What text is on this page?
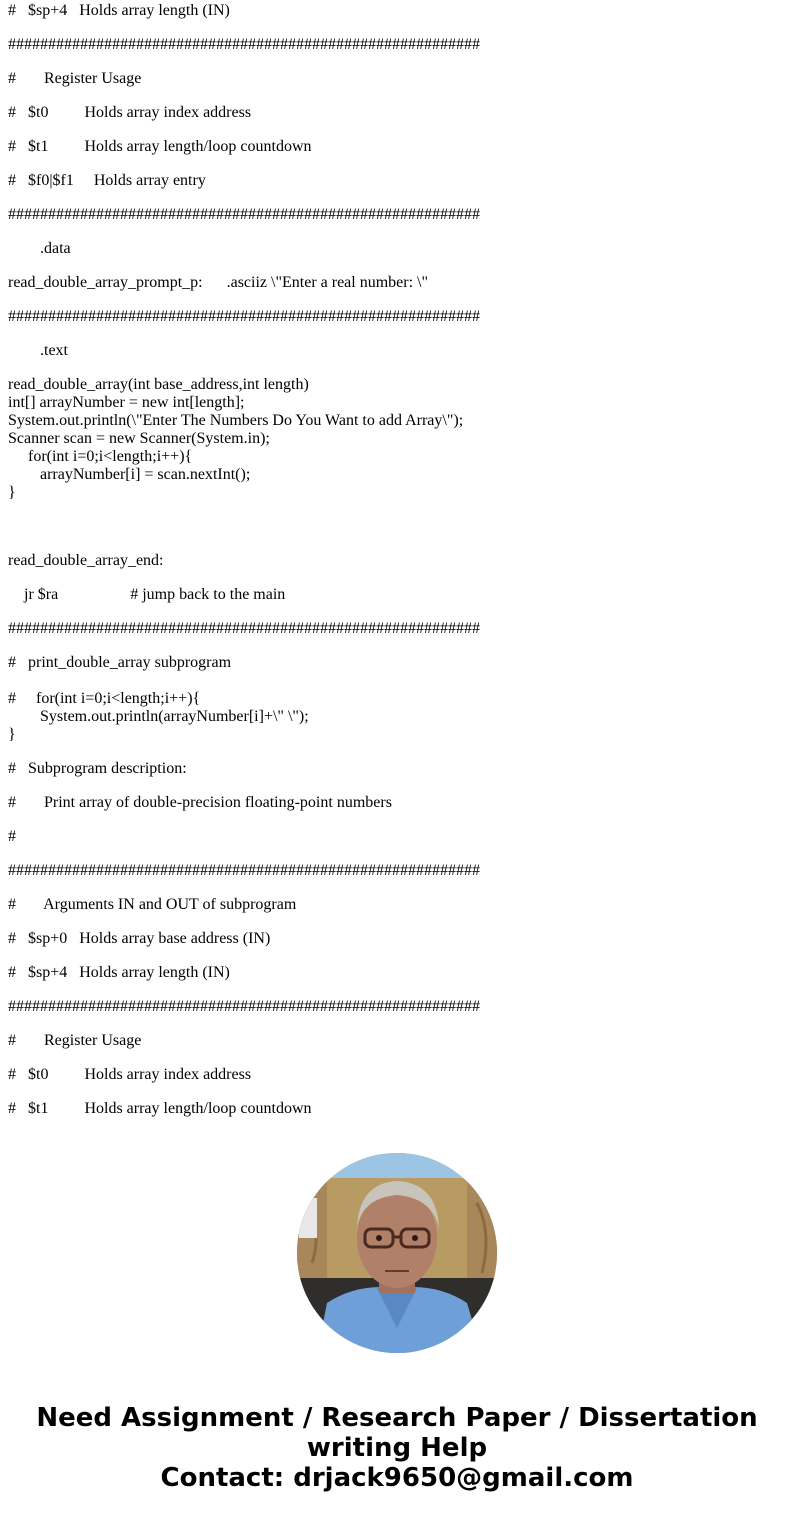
#   $sp+4   Holds array length (IN)
###########################################################
#       Register Usage
#   $t0         Holds array index address
#   $t1         Holds array length/loop countdown
#   $f0|$f1     Holds array entry
###########################################################
.data
read_double_array_prompt_p:      .asciiz \"Enter a real number: \"
###########################################################
.text
read_double_array(int base_address,int length)
int[] arrayNumber = new int[length];
System.out.println(\"Enter The Numbers Do You Want to add Array\");
Scanner scan = new Scanner(System.in);
for(int i=0;i<length;i++){
arrayNumber[i] = scan.nextInt();
}
read_double_array_end:
jr $ra                  # jump back to the main
###########################################################
#   print_double_array subprogram
#     for(int i=0;i<length;i++){
System.out.println(arrayNumber[i]+\" \");
}
#   Subprogram description:
#       Print array of double-precision floating-point numbers
#
###########################################################
#       Arguments IN and OUT of subprogram
#   $sp+0   Holds array base address (IN)
#   $sp+4   Holds array length (IN)
###########################################################
#       Register Usage
#   $t0         Holds array index address
#   $t1         Holds array length/loop countdown
Need Assignment / Research Paper / Dissertation
writing Help
Contact: drjack9650@gmail.com
